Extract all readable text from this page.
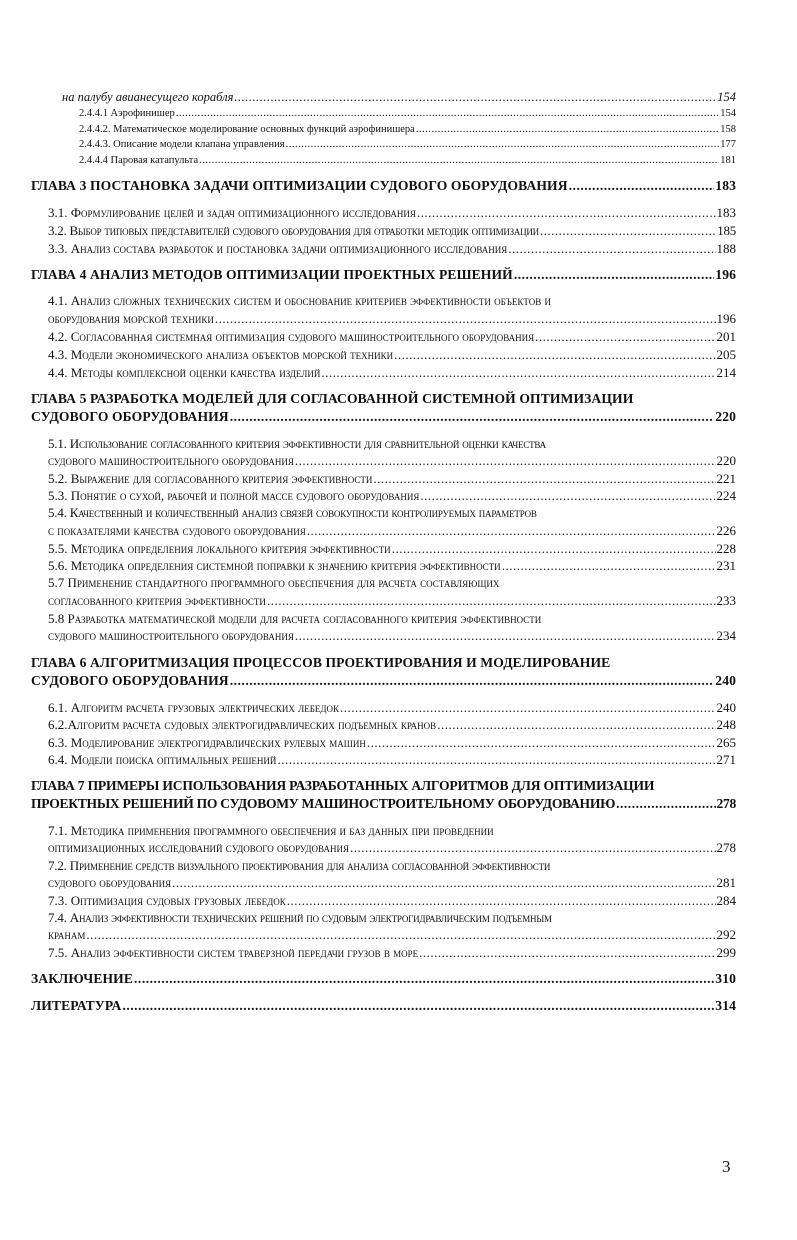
на палубу авианесущего корабля .....	154
2.4.4.1 Аэрофинишер .....	154
2.4.4.2. Математическое моделирование основных функций аэрофинишера .....	158
2.4.4.3. Описание модели клапана управления .....	177
2.4.4.4 Паровая катапульта .....	181
ГЛАВА 3 ПОСТАНОВКА ЗАДАЧИ ОПТИМИЗАЦИИ СУДОВОГО ОБОРУДОВАНИЯ .....	183
3.1. Формулирование целей и задач оптимизационного исследования .....	183
3.2. Выбор типовых представителей судового оборудования для отработки методик оптимизации .....	185
3.3. Анализ состава разработок и постановка задачи оптимизационного исследования .....	188
ГЛАВА 4 АНАЛИЗ МЕТОДОВ ОПТИМИЗАЦИИ ПРОЕКТНЫХ РЕШЕНИЙ .....	196
4.1. Анализ сложных технических систем и обоснование критериев эффективности объектов и
оборудования морской техники .....	196
4.2. Согласованная системная оптимизация судового машиностроительного оборудования .....	201
4.3. Модели экономического анализа объектов морской техники .....	205
4.4. Методы комплексной оценки качества изделий .....	214
ГЛАВА 5 РАЗРАБОТКА МОДЕЛЕЙ ДЛЯ СОГЛАСОВАННОЙ СИСТЕМНОЙ ОПТИМИЗАЦИИ
СУДОВОГО ОБОРУДОВАНИЯ .....	220
5.1. Использование согласованного критерия эффективности для сравнительной оценки качества
судового машиностроительного оборудования .....	220
5.2. Выражение для согласованного критерия эффективности .....	221
5.3. Понятие о сухой, рабочей и полной массе судового оборудования .....	224
5.4. Качественный и количественный анализ связей совокупности контролируемых параметров
с показателями качества судового оборудования .....	226
5.5. Методика определения локального критерия эффективности .....	228
5.6. Методика определения системной поправки к значению критерия эффективности .....	231
5.7 Применение стандартного программного обеспечения для расчета составляющих
согласованного критерия эффективности .....	233
5.8 Разработка математической модели для расчета согласованного критерия эффективности
судового машиностроительного оборудования .....	234
ГЛАВА 6 АЛГОРИТМИЗАЦИЯ ПРОЦЕССОВ ПРОЕКТИРОВАНИЯ И МОДЕЛИРОВАНИЕ
СУДОВОГО ОБОРУДОВАНИЯ .....	240
6.1. Алгоритм расчета грузовых электрических лебедок .....	240
6.2.Алгоритм расчета судовых электрогидравлических подъемных кранов .....	248
6.3. Моделирование электрогидравлических рулевых машин .....	265
6.4. Модели поиска оптимальных решений .....	271
ГЛАВА 7 ПРИМЕРЫ ИСПОЛЬЗОВАНИЯ РАЗРАБОТАННЫХ АЛГОРИТМОВ ДЛЯ ОПТИМИЗАЦИИ
ПРОЕКТНЫХ РЕШЕНИЙ ПО СУДОВОМУ МАШИНОСТРОИТЕЛЬНОМУ ОБОРУДОВАНИЮ .....	278
7.1. Методика применения программного обеспечения и баз данных при проведении
оптимизационных исследований судового оборудования .....	278
7.2. Применение средств визуального проектирования для анализа согласованной эффективности
судового оборудования .....	281
7.3. Оптимизация судовых грузовых лебедок .....	284
7.4. Анализ эффективности технических решений по судовым электрогидравлическим подъемным
кранам .....	292
7.5. Анализ эффективности систем траверзной передачи грузов в море .....	299
ЗАКЛЮЧЕНИЕ .....	310
ЛИТЕРАТУРА .....	314
3
